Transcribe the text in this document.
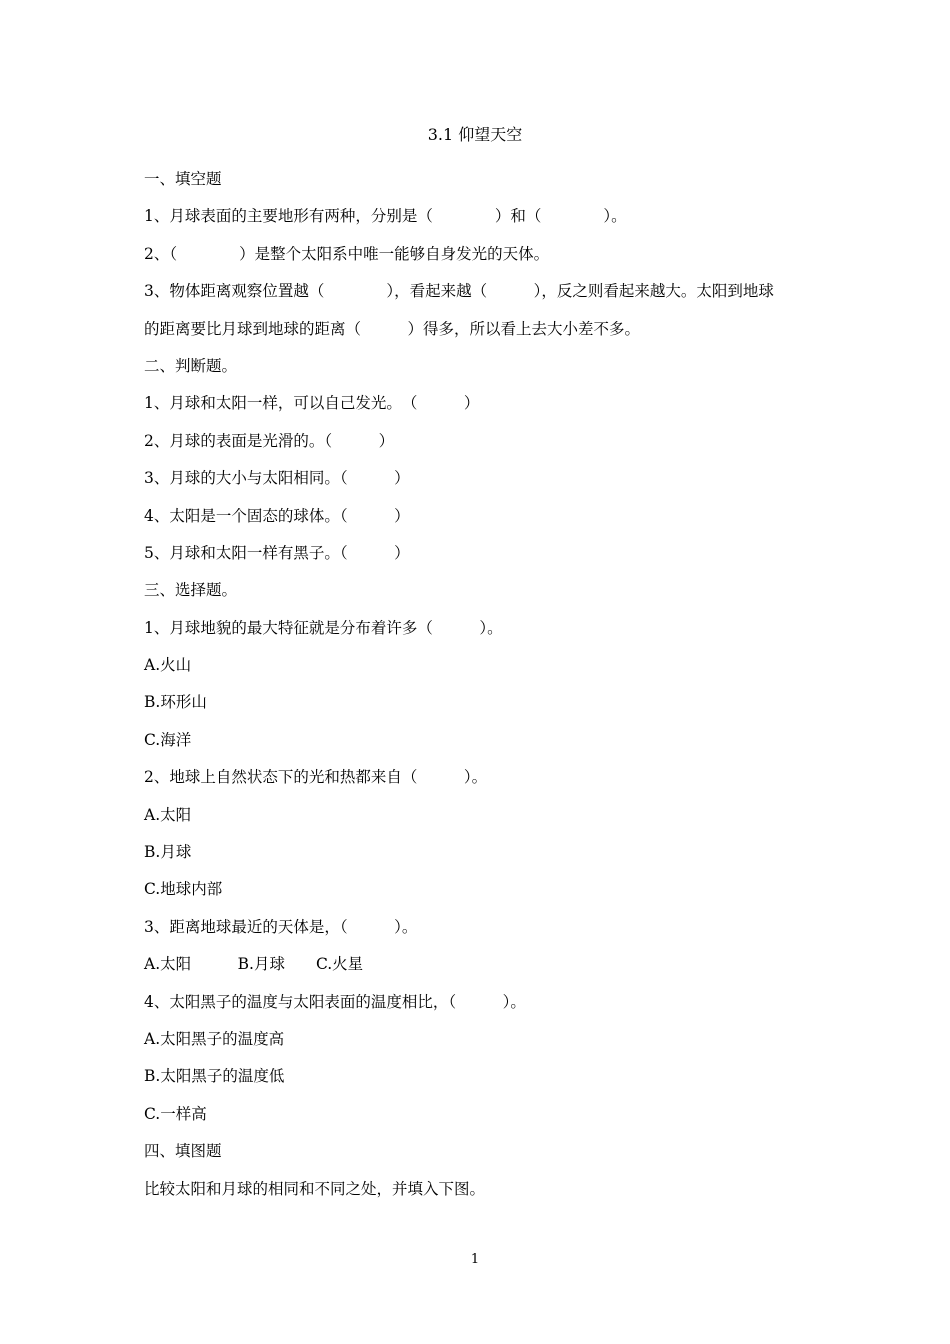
3.1 仰望天空
一、填空题
1、月球表面的主要地形有两种，分别是（　　　　）和（　　　　）。
2、（　　　　）是整个太阳系中唯一能够自身发光的天体。
3、物体距离观察位置越（　　　　），看起来越（　　　），反之则看起来越大。太阳到地球
的距离要比月球到地球的距离（　　　）得多，所以看上去大小差不多。
二、判断题。
1、月球和太阳一样，可以自己发光。　（　　　）
2、月球的表面是光滑的。（　　　）
3、月球的大小与太阳相同。（　　　）
4、太阳是一个固态的球体。（　　　）
5、月球和太阳一样有黑子。（　　　）
三、选择题。
1、月球地貌的最大特征就是分布着许多（　　　）。
A.火山
B.环形山
C.海洋
2、地球上自然状态下的光和热都来自（　　　）。
A.太阳
B.月球
C.地球内部
3、距离地球最近的天体是，（　　　）。
A.太阳　　　B.月球　　C.火星
4、太阳黑子的温度与太阳表面的温度相比，（　　　）。
A.太阳黑子的温度高
B.太阳黑子的温度低
C.一样高
四、填图题
比较太阳和月球的相同和不同之处，并填入下图。
1
